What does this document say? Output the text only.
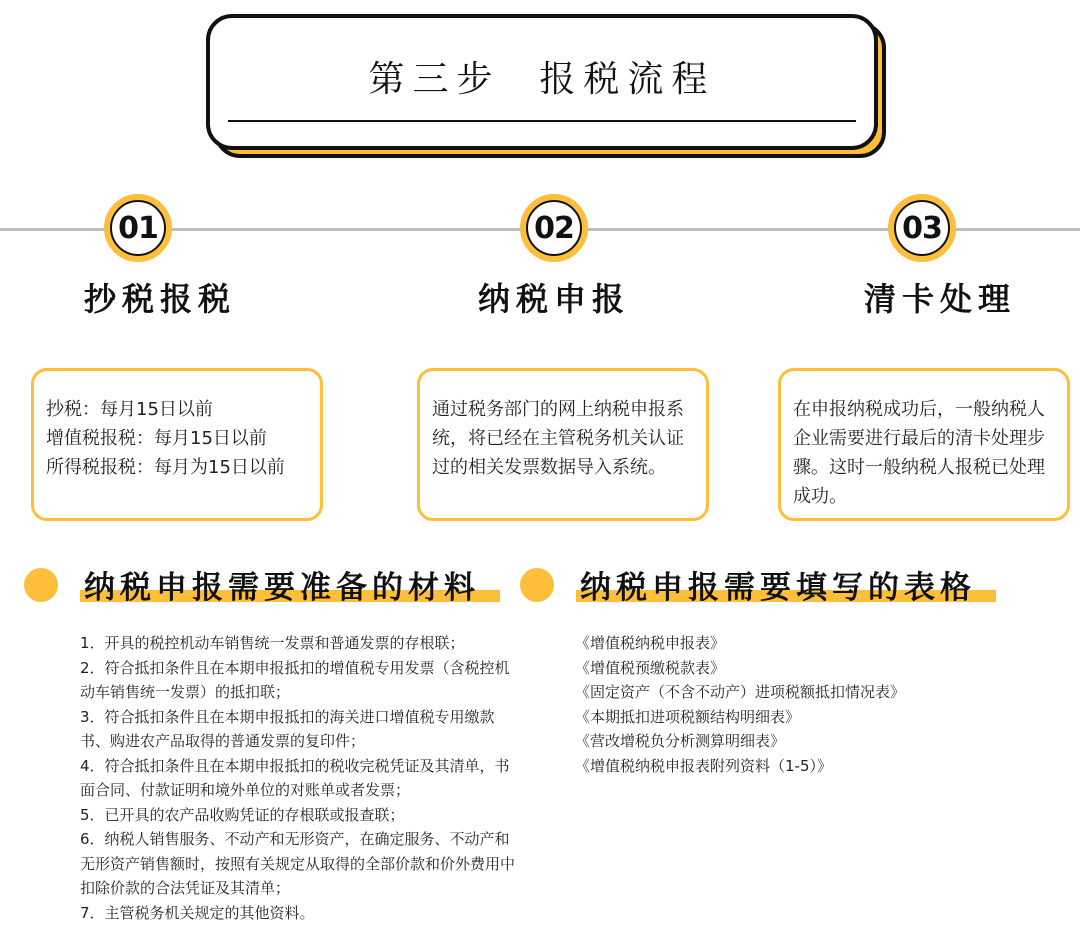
第三步  报税流程
01
抄税报税
02
纳税申报
03
清卡处理

抄税：每月15日以前

增值税报税：每月15日以前

所得税报税：每月为15日以前

通过税务部门的网上纳税申报系统，将已经在主管税务机关认证过的相关发票数据导入系统。

在申报纳税成功后，一般纳税人企业需要进行最后的清卡处理步骤。这时一般纳税人报税已处理成功。

纳税申报需要准备的材料
1．开具的税控机动车销售统一发票和普通发票的存根联；
2．符合抵扣条件且在本期申报抵扣的增值税专用发票（含税控机动车销售统一发票）的抵扣联；
3．符合抵扣条件且在本期申报抵扣的海关进口增值税专用缴款书、购进农产品取得的普通发票的复印件；
4．符合抵扣条件且在本期申报抵扣的税收完税凭证及其清单，书面合同、付款证明和境外单位的对账单或者发票；
5．已开具的农产品收购凭证的存根联或报查联；
6．纳税人销售服务、不动产和无形资产，在确定服务、不动产和无形资产销售额时，按照有关规定从取得的全部价款和价外费用中扣除价款的合法凭证及其清单；
7．主管税务机关规定的其他资料。
纳税申报需要填写的表格
《增值税纳税申报表》
《增值税预缴税款表》
《固定资产（不含不动产）进项税额抵扣情况表》
《本期抵扣进项税额结构明细表》
《营改增税负分析测算明细表》
《增值税纳税申报表附列资料（1-5）》
